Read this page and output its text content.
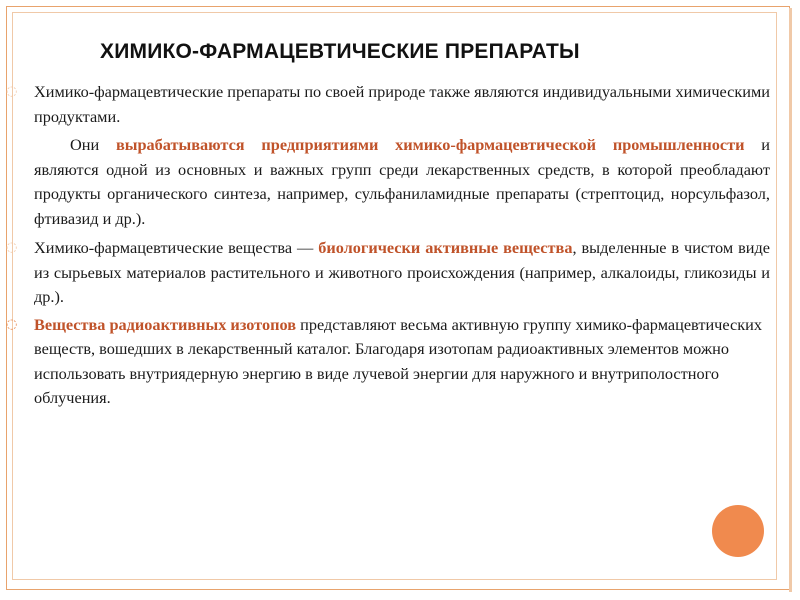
ХИМИКО-ФАРМАЦЕВТИЧЕСКИЕ ПРЕПАРАТЫ

◌ Химико-фармацевтические препараты по своей природе также являются индивидуальными химическими продуктами.

Они вырабатываются предприятиями химико-фармацевтической промышленности и являются одной из основных и важных групп среди лекарственных средств, в которой преобладают продукты органического синтеза, например, сульфаниламидные препараты (стрептоцид, норсульфазол, фтивазид и др.).

◌ Химико-фармацевтические вещества — биологически активные вещества, выделенные в чистом виде из сырьевых материалов растительного и животного происхождения (например, алкалоиды, гликозиды и др.).

◌ Вещества радиоактивных изотопов представляют весьма активную группу химико-фармацевтических веществ, вошедших в лекарственный каталог. Благодаря изотопам радиоактивных элементов можно использовать внутриядерную энергию в виде лучевой энергии для наружного и внутриполостного облучения.
